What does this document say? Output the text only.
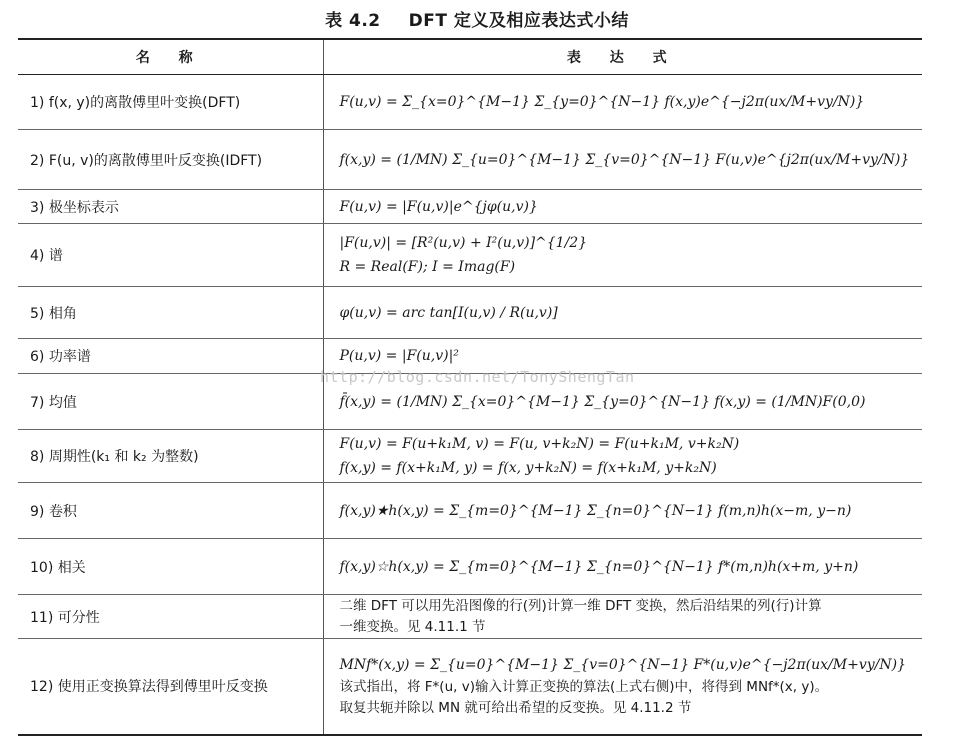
表 4.2 DFT 定义及相应表达式小结
名 称	表 达 式
1) f(x, y)的离散傅里叶变换(DFT)	F(u,v) = Σ_{x=0}^{M−1} Σ_{y=0}^{N−1} f(x,y)e^{−j2π(ux/M+vy/N)}

2) F(u, v)的离散傅里叶反变换(IDFT)	f(x,y) = (1/MN) Σ_{u=0}^{M−1} Σ_{v=0}^{N−1} F(u,v)e^{j2π(ux/M+vy/N)}

3) 极坐标表示	F(u,v) = |F(u,v)|e^{jφ(u,v)}

4) 谱	|F(u,v)| = [R²(u,v) + I²(u,v)]^{1/2}
R = Real(F); I = Imag(F)

5) 相角	φ(u,v) = arc tan[I(u,v) / R(u,v)]

6) 功率谱	P(u,v) = |F(u,v)|²

7) 均值	f̄(x,y) = (1/MN) Σ_{x=0}^{M−1} Σ_{y=0}^{N−1} f(x,y) = (1/MN)F(0,0)

8) 周期性(k₁ 和 k₂ 为整数)	F(u,v) = F(u+k₁M, v) = F(u, v+k₂N) = F(u+k₁M, v+k₂N)
f(x,y) = f(x+k₁M, y) = f(x, y+k₂N) = f(x+k₁M, y+k₂N)

9) 卷积	f(x,y)★h(x,y) = Σ_{m=0}^{M−1} Σ_{n=0}^{N−1} f(m,n)h(x−m, y−n)

10) 相关	f(x,y)☆h(x,y) = Σ_{m=0}^{M−1} Σ_{n=0}^{N−1} f*(m,n)h(x+m, y+n)

11) 可分性	二维 DFT 可以用先沿图像的行(列)计算一维 DFT 变换，然后沿结果的列(行)计算
一维变换。见 4.11.1 节

12) 使用正变换算法得到傅里叶反变换	MNf*(x,y) = Σ_{u=0}^{M−1} Σ_{v=0}^{N−1} F*(u,v)e^{−j2π(ux/M+vy/N)}
该式指出，将 F*(u, v)输入计算正变换的算法(上式右侧)中，将得到 MNf*(x, y)。
取复共轭并除以 MN 就可给出希望的反变换。见 4.11.2 节
http://blog.csdn.net/TonyShengTan
